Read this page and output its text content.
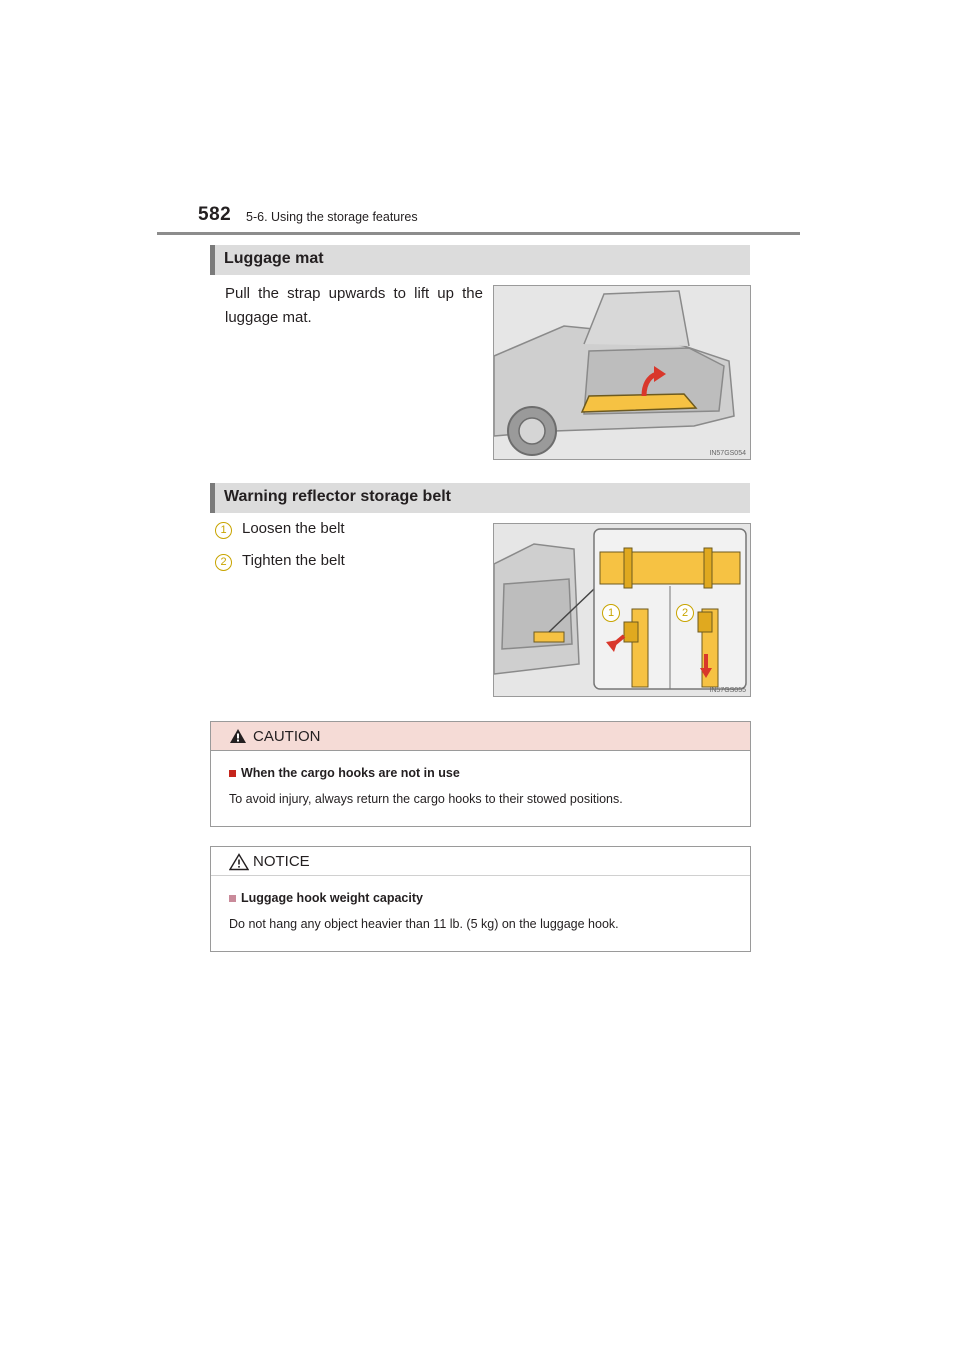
582 5-6. Using the storage features
Luggage mat
Pull the strap upwards to lift up the luggage mat.
IN57GS054
Warning reflector storage belt
1	Loosen the belt
2	Tighten the belt
1	2
IN57GS055
CAUTION
When the cargo hooks are not in use
To avoid injury, always return the cargo hooks to their stowed positions.
NOTICE
Luggage hook weight capacity
Do not hang any object heavier than 11 lb. (5 kg) on the luggage hook.
